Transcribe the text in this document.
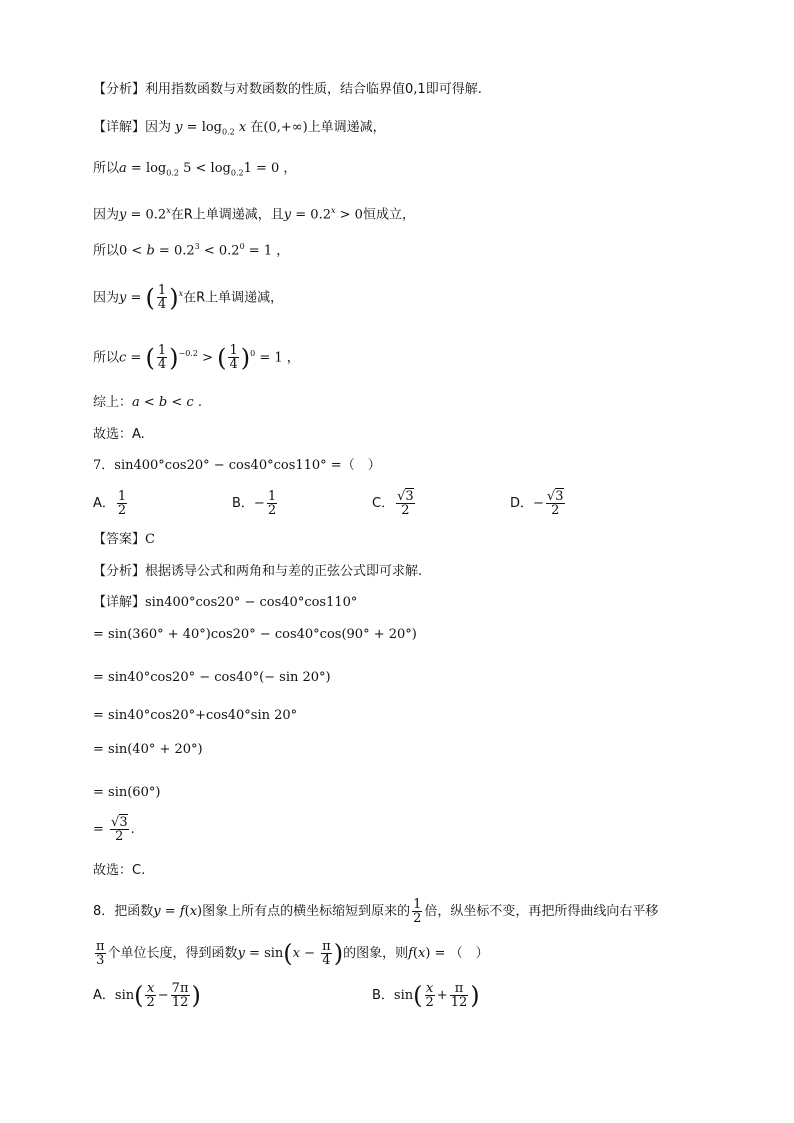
【分析】利用指数函数与对数函数的性质，结合临界值0,1即可得解.
【详解】因为 $y = \log_{0.2} x$ 在(0,+∞)上单调递减，
所以$a = \log_{0.2} 5 < \log_{0.2}1 = 0$ ，
因为$y = 0.2^x$在R上单调递减，且$y = 0.2^x > 0$恒成立，
所以$0 < b = 0.2^3 < 0.2^0 = 1$ ，
因为y = ( $\frac{1}{4} )^x$在R上单调递减，
所以c = ( $\frac{1}{4} )^{-0.2}$ > ( $\frac{1}{4} )^0 = 1$ ，
综上：a < b < c .
故选：A.
7．sin400°cos20° − cos40°cos110° =（　）
A． $\frac{1}{2}$	B．− $\frac{1}{2}$	C． $\frac{√3}{2}$	D．− $\frac{√3}{2}$
【答案】C
【分析】根据诱导公式和两角和与差的正弦公式即可求解.
【详解】sin400°cos20° − cos40°cos110°
= sin(360° + 40°)cos20° − cos40°cos(90° + 20°)
= sin40°cos20° − cos40°(− sin 20°)
= sin40°cos20°+cos40°sin 20°
= sin(40° + 20°)
= sin(60°)
= $\frac{√3}{2}$ .
故选：C.
8．把函数y = f(x)图象上所有点的横坐标缩短到原来的 $\frac{1}{2}$ 倍，纵坐标不变，再把所得曲线向右平移
$\frac{\pi}{3}$ 个单位长度，得到函数$y = \sin(x - \frac{\pi}{4}$ )的图象，则f(x) = （　）
A．$\sin( \frac{x}{2} - \frac{7\pi}{12}$ )	B．$\sin( \frac{x}{2} + \frac{\pi}{12}$ )
